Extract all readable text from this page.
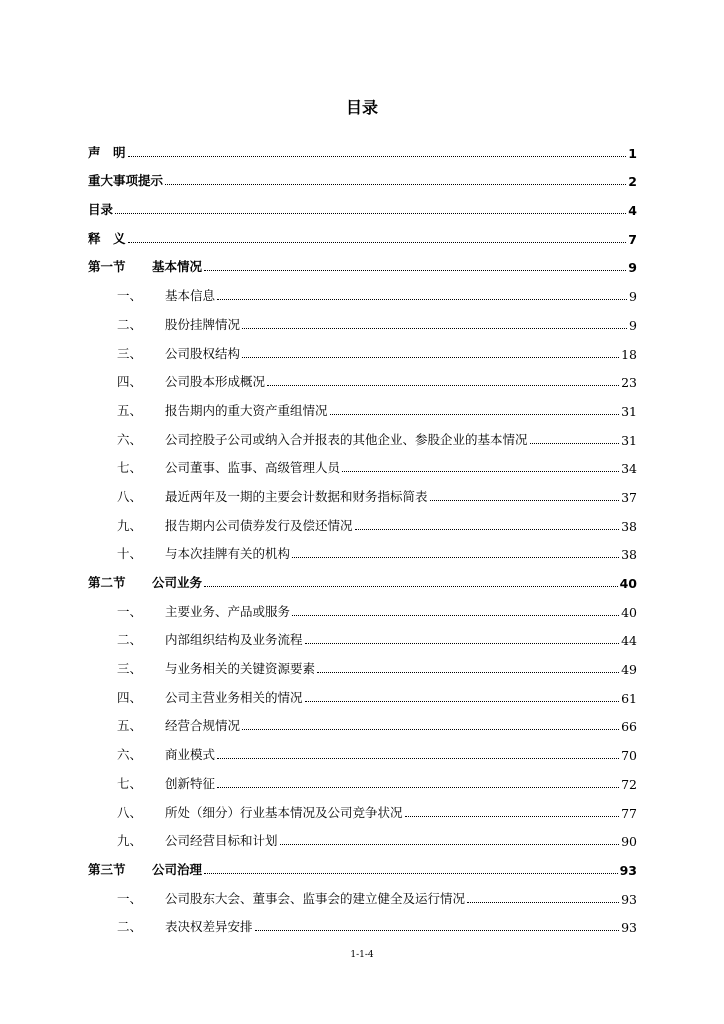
目录
声　明	1
重大事项提示	2
目录	4
释　义	7
第一节	基本情况	9
一、	基本信息	9
二、	股份挂牌情况	9
三、	公司股权结构	18
四、	公司股本形成概况	23
五、	报告期内的重大资产重组情况	31
六、	公司控股子公司或纳入合并报表的其他企业、参股企业的基本情况	31
七、	公司董事、监事、高级管理人员	34
八、	最近两年及一期的主要会计数据和财务指标简表	37
九、	报告期内公司债券发行及偿还情况	38
十、	与本次挂牌有关的机构	38
第二节	公司业务	40
一、	主要业务、产品或服务	40
二、	内部组织结构及业务流程	44
三、	与业务相关的关键资源要素	49
四、	公司主营业务相关的情况	61
五、	经营合规情况	66
六、	商业模式	70
七、	创新特征	72
八、	所处（细分）行业基本情况及公司竞争状况	77
九、	公司经营目标和计划	90
第三节	公司治理	93
一、	公司股东大会、董事会、监事会的建立健全及运行情况	93
二、	表决权差异安排	93
1-1-4
